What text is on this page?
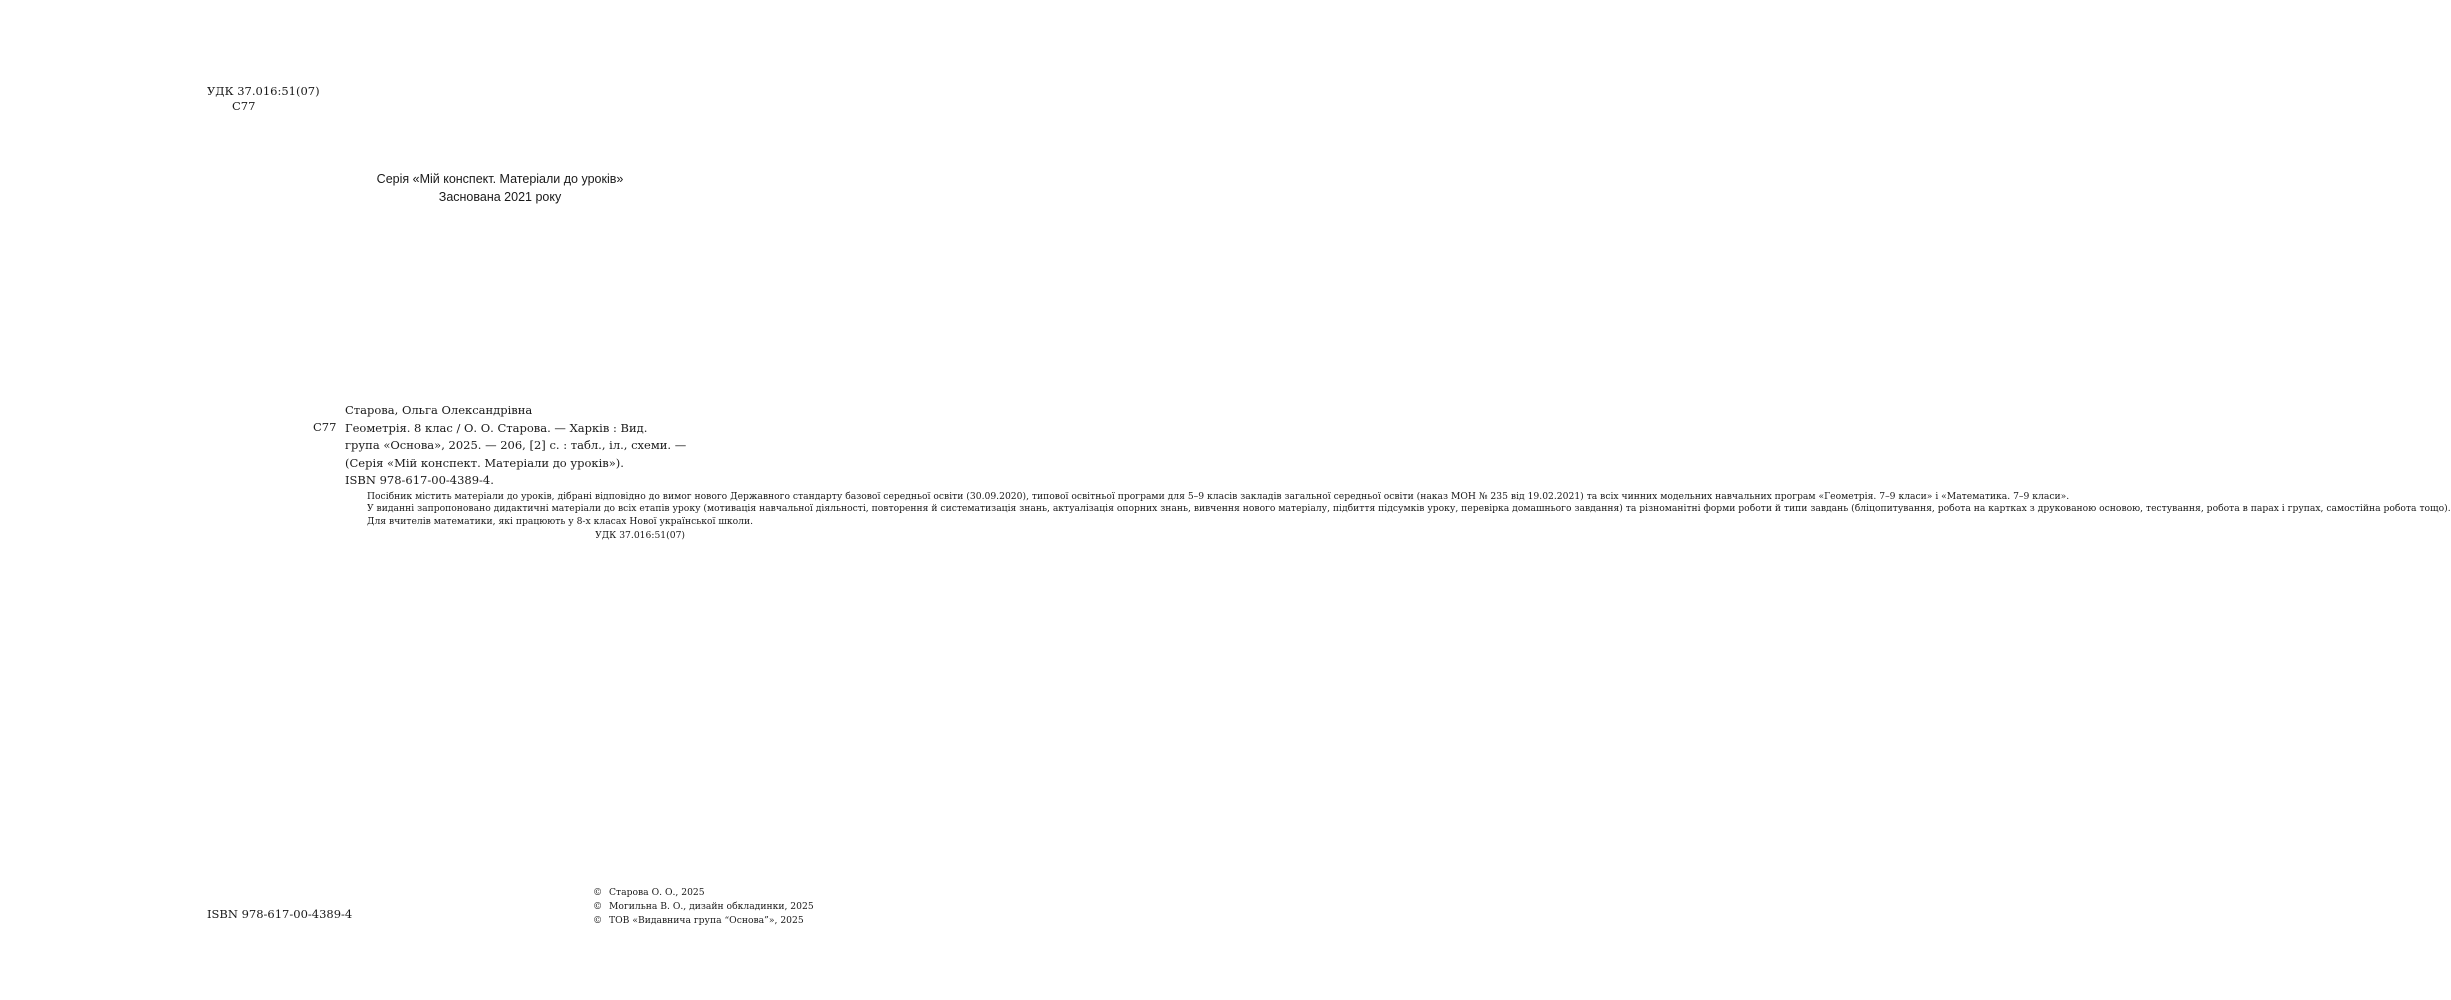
УДК 37.016:51(07)
С77
Серія «Мій конспект. Матеріали до уроків»
Заснована 2021 року
С77
Старова, Ольга Олександрівна
Геометрія. 8 клас / О. О. Старова. — Харків : Вид.
група «Основа», 2025. — 206, [2] с. : табл., іл., схеми. —
(Серія «Мій конспект. Матеріали до уроків»).
ISBN 978-617-00-4389-4.

Посібник містить матеріали до уроків, дібрані відповідно до вимог нового Державного стандарту базової середньої освіти (30.09.2020), типової освітньої програми для 5–9 класів закладів загальної середньої освіти (наказ МОН № 235 від 19.02.2021) та всіх чинних модельних навчальних програм «Геометрія. 7–9 класи» і «Математика. 7–9 класи».

У виданні запропоновано дидактичні матеріали до всіх етапів уроку (мотивація навчальної діяльності, повторення й систематизація знань, актуалізація опорних знань, вивчення нового матеріалу, підбиття підсумків уроку, перевірка домашнього завдання) та різноманітні форми роботи й типи завдань (бліцопитування, робота на картках з друкованою основою, тестування, робота в парах і групах, самостійна робота тощо).

Для вчителів математики, які працюють у 8-х класах Нової української школи.

УДК 37.016:51(07)

ISBN 978-617-00-4389-4
© Старова О. О., 2025
© Могильна В. О., дизайн обкладинки, 2025
© ТОВ «Видавнича група “Основа”», 2025
